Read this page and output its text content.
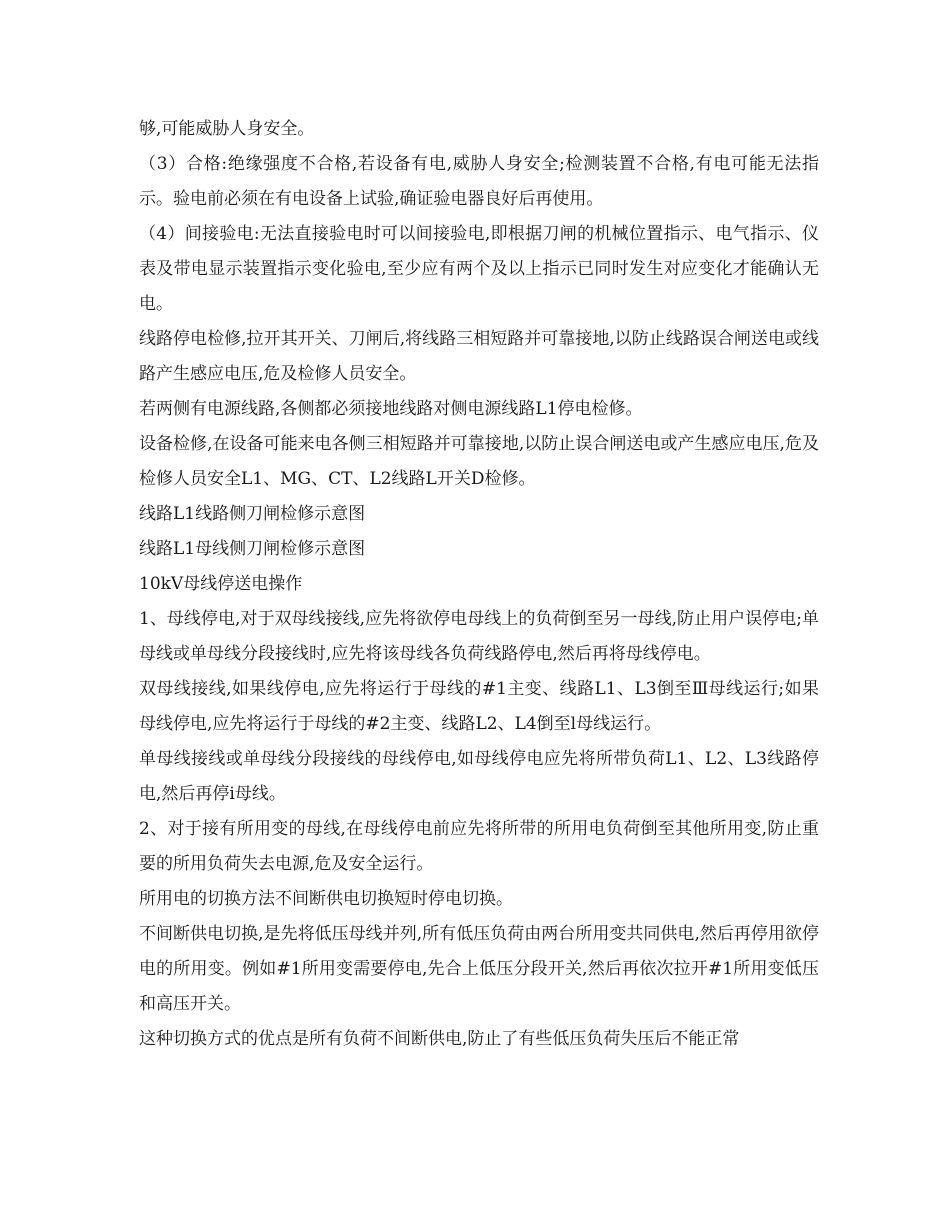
够,可能威胁人身安全。

（3）合格:绝缘强度不合格,若设备有电,威胁人身安全;检测装置不合格,有电可能无法指示。验电前必须在有电设备上试验,确证验电器良好后再使用。

（4）间接验电:无法直接验电时可以间接验电,即根据刀闸的机械位置指示、电气指示、仪表及带电显示装置指示变化验电,至少应有两个及以上指示已同时发生对应变化才能确认无电。

线路停电检修,拉开其开关、刀闸后,将线路三相短路并可靠接地,以防止线路误合闸送电或线路产生感应电压,危及检修人员安全。

若两侧有电源线路,各侧都必须接地线路对侧电源线路L1停电检修。

设备检修,在设备可能来电各侧三相短路并可靠接地,以防止误合闸送电或产生感应电压,危及检修人员安全L1、MG、CT、L2线路L开关D检修。

线路L1线路侧刀闸检修示意图

线路L1母线侧刀闸检修示意图

10kV母线停送电操作

1、母线停电,对于双母线接线,应先将欲停电母线上的负荷倒至另一母线,防止用户误停电;单母线或单母线分段接线时,应先将该母线各负荷线路停电,然后再将母线停电。

双母线接线,如果线停电,应先将运行于母线的#1主变、线路L1、L3倒至Ⅲ母线运行;如果母线停电,应先将运行于母线的#2主变、线路L2、L4倒至l母线运行。

单母线接线或单母线分段接线的母线停电,如母线停电应先将所带负荷L1、L2、L3线路停电,然后再停i母线。

2、对于接有所用变的母线,在母线停电前应先将所带的所用电负荷倒至其他所用变,防止重要的所用负荷失去电源,危及安全运行。

所用电的切换方法不间断供电切换短时停电切换。

不间断供电切换,是先将低压母线并列,所有低压负荷由两台所用变共同供电,然后再停用欲停电的所用变。例如#1所用变需要停电,先合上低压分段开关,然后再依次拉开#1所用变低压和高压开关。

这种切换方式的优点是所有负荷不间断供电,防止了有些低压负荷失压后不能正常
